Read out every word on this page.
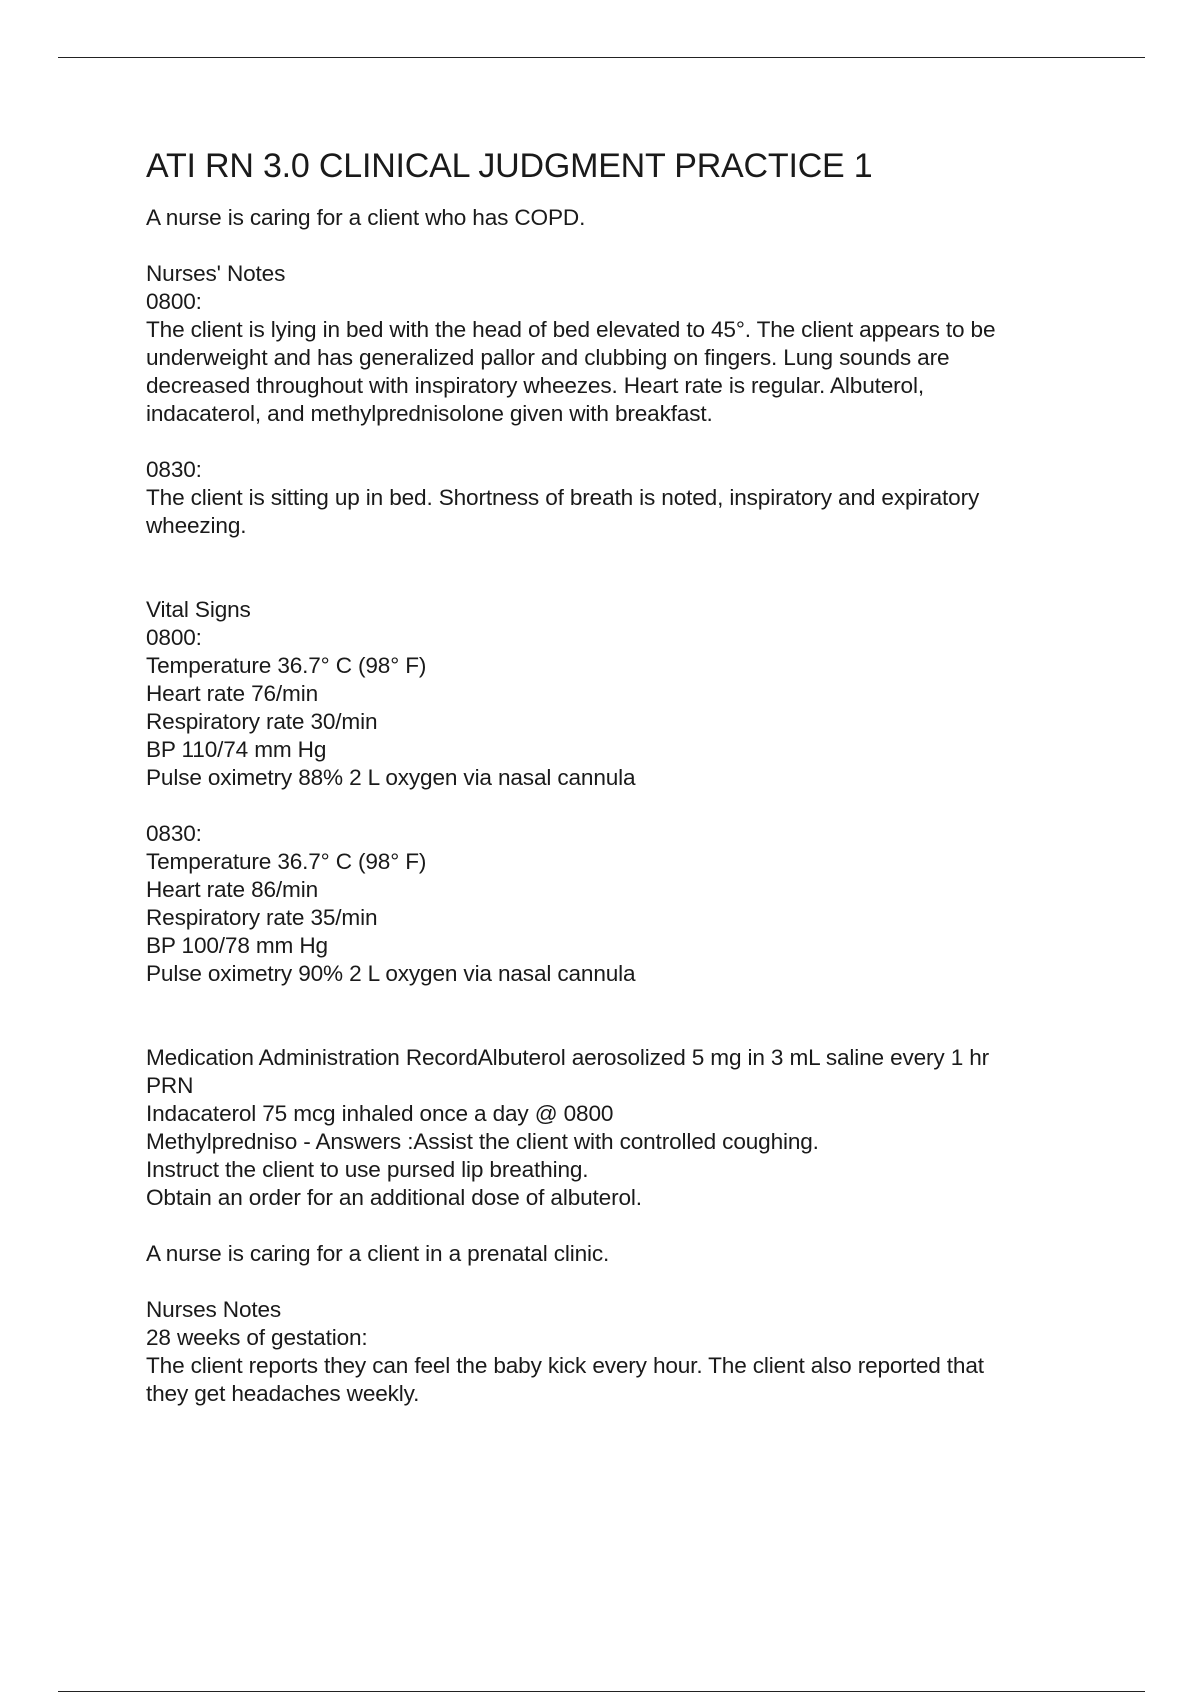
ATI RN 3.0 CLINICAL JUDGMENT PRACTICE 1
A nurse is caring for a client who has COPD.
Nurses' Notes
0800:
The client is lying in bed with the head of bed elevated to 45°. The client appears to be
underweight and has generalized pallor and clubbing on fingers. Lung sounds are
decreased throughout with inspiratory wheezes. Heart rate is regular. Albuterol,
indacaterol, and methylprednisolone given with breakfast.
0830:
The client is sitting up in bed. Shortness of breath is noted, inspiratory and expiratory
wheezing.
Vital Signs
0800:
Temperature 36.7° C (98° F)
Heart rate 76/min
Respiratory rate 30/min
BP 110/74 mm Hg
Pulse oximetry 88% 2 L oxygen via nasal cannula
0830:
Temperature 36.7° C (98° F)
Heart rate 86/min
Respiratory rate 35/min
BP 100/78 mm Hg
Pulse oximetry 90% 2 L oxygen via nasal cannula
Medication Administration RecordAlbuterol aerosolized 5 mg in 3 mL saline every 1 hr
PRN
Indacaterol 75 mcg inhaled once a day @ 0800
Methylpredniso - Answers :Assist the client with controlled coughing.
Instruct the client to use pursed lip breathing.
Obtain an order for an additional dose of albuterol.
A nurse is caring for a client in a prenatal clinic.
Nurses Notes
28 weeks of gestation:
The client reports they can feel the baby kick every hour. The client also reported that
they get headaches weekly.
